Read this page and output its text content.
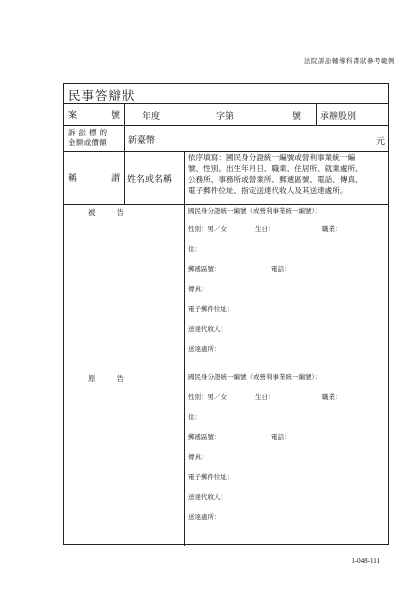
法院訴訟輔導科書狀參考範例
民事答辯狀
案	號 年度	字第	號 承辦股別
訴 訟 標 的
金額或價額 新臺幣	元
稱	謂 姓名或名稱
依序填寫：國民身分證統一編號或營利事業統一編
號、性別、出生年月日、職業、住居所、就業處所、
公務所、事務所或營業所、郵遞區號、電話、傳真、
電子郵件位址、指定送達代收人及其送達處所。
被	告	國民身分證統一編號（或營利事業統一編號）：
性別：男／女	生日：	職業：
住：
郵遞區號：	電話：
傳真：
電子郵件位址：
送達代收人：
送達處所：
原	告	國民身分證統一編號（或營利事業統一編號）：
性別：男／女	生日：	職業：
住：
郵遞區號：	電話：
傳真：
電子郵件位址：
送達代收人：
送達處所：
1-048-111
